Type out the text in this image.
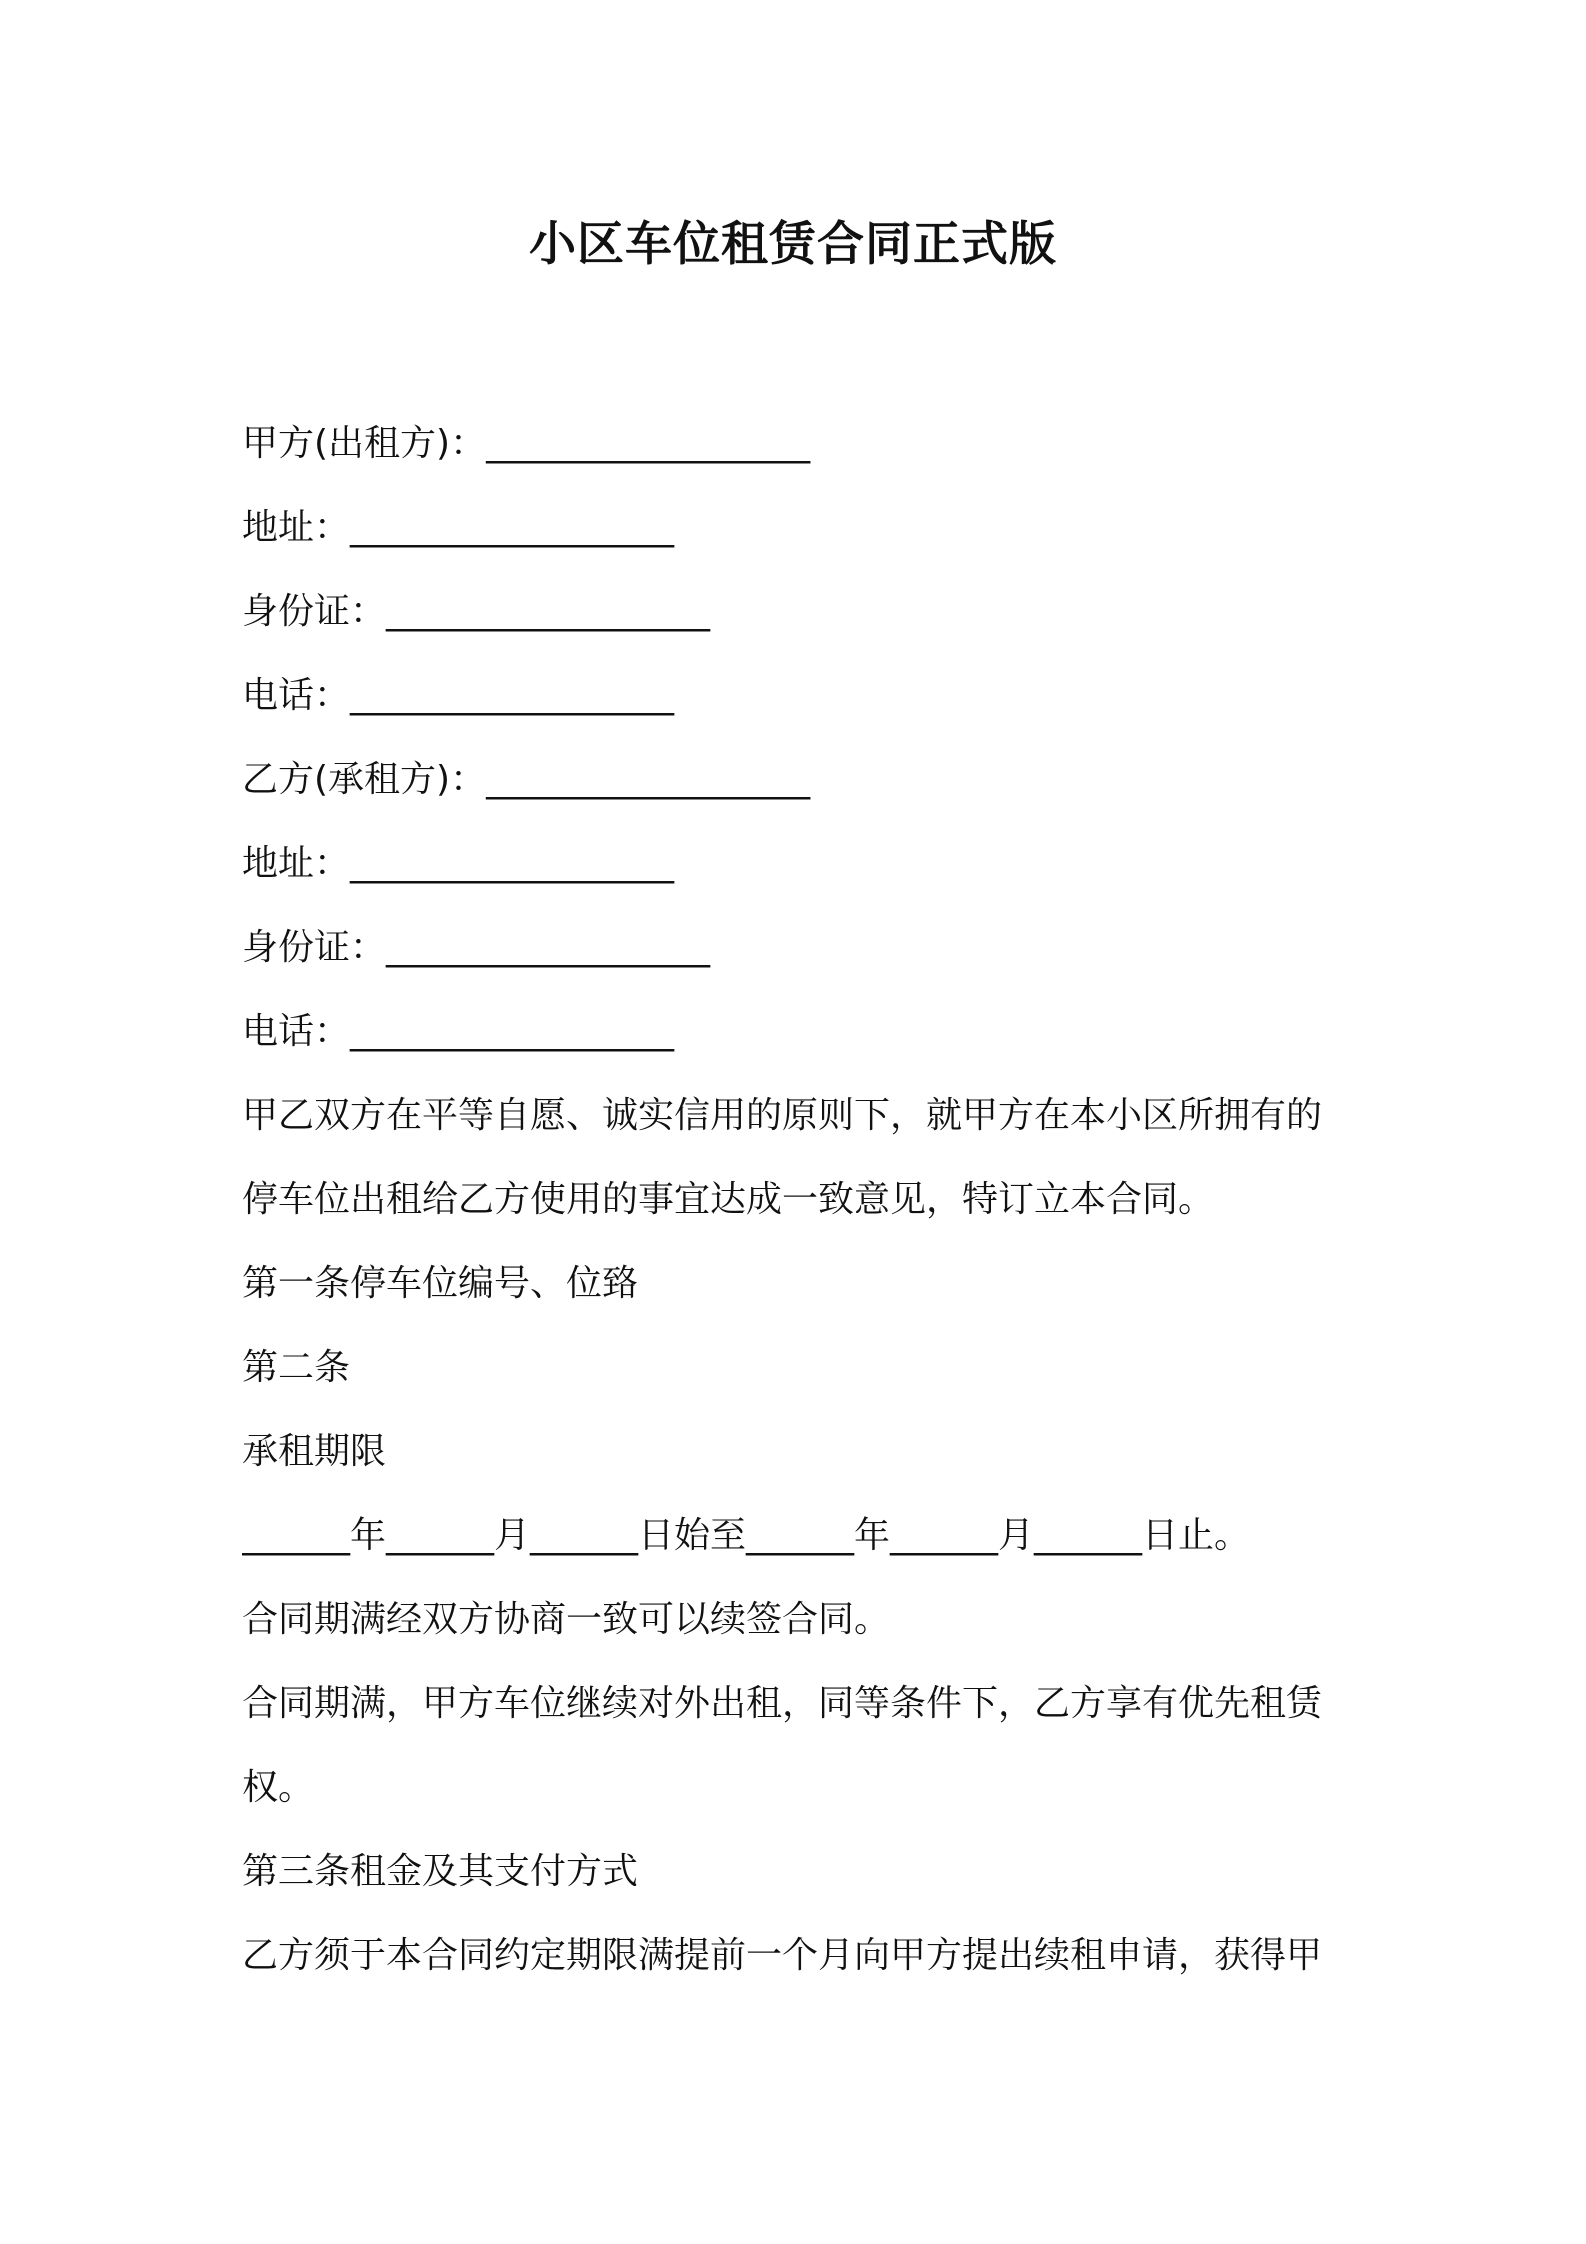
小区车位租赁合同正式版
甲方(出租方)：__________________
地址：__________________
身份证：__________________
电话：__________________
乙方(承租方)：__________________
地址：__________________
身份证：__________________
电话：__________________
甲乙双方在平等自愿、诚实信用的原则下，就甲方在本小区所拥有的
停车位出租给乙方使用的事宜达成一致意见，特订立本合同。
第一条停车位编号、位臵
第二条
承租期限
______年______月______日始至______年______月______日止。
合同期满经双方协商一致可以续签合同。
合同期满，甲方车位继续对外出租，同等条件下，乙方享有优先租赁
权。
第三条租金及其支付方式
乙方须于本合同约定期限满提前一个月向甲方提出续租申请，获得甲
